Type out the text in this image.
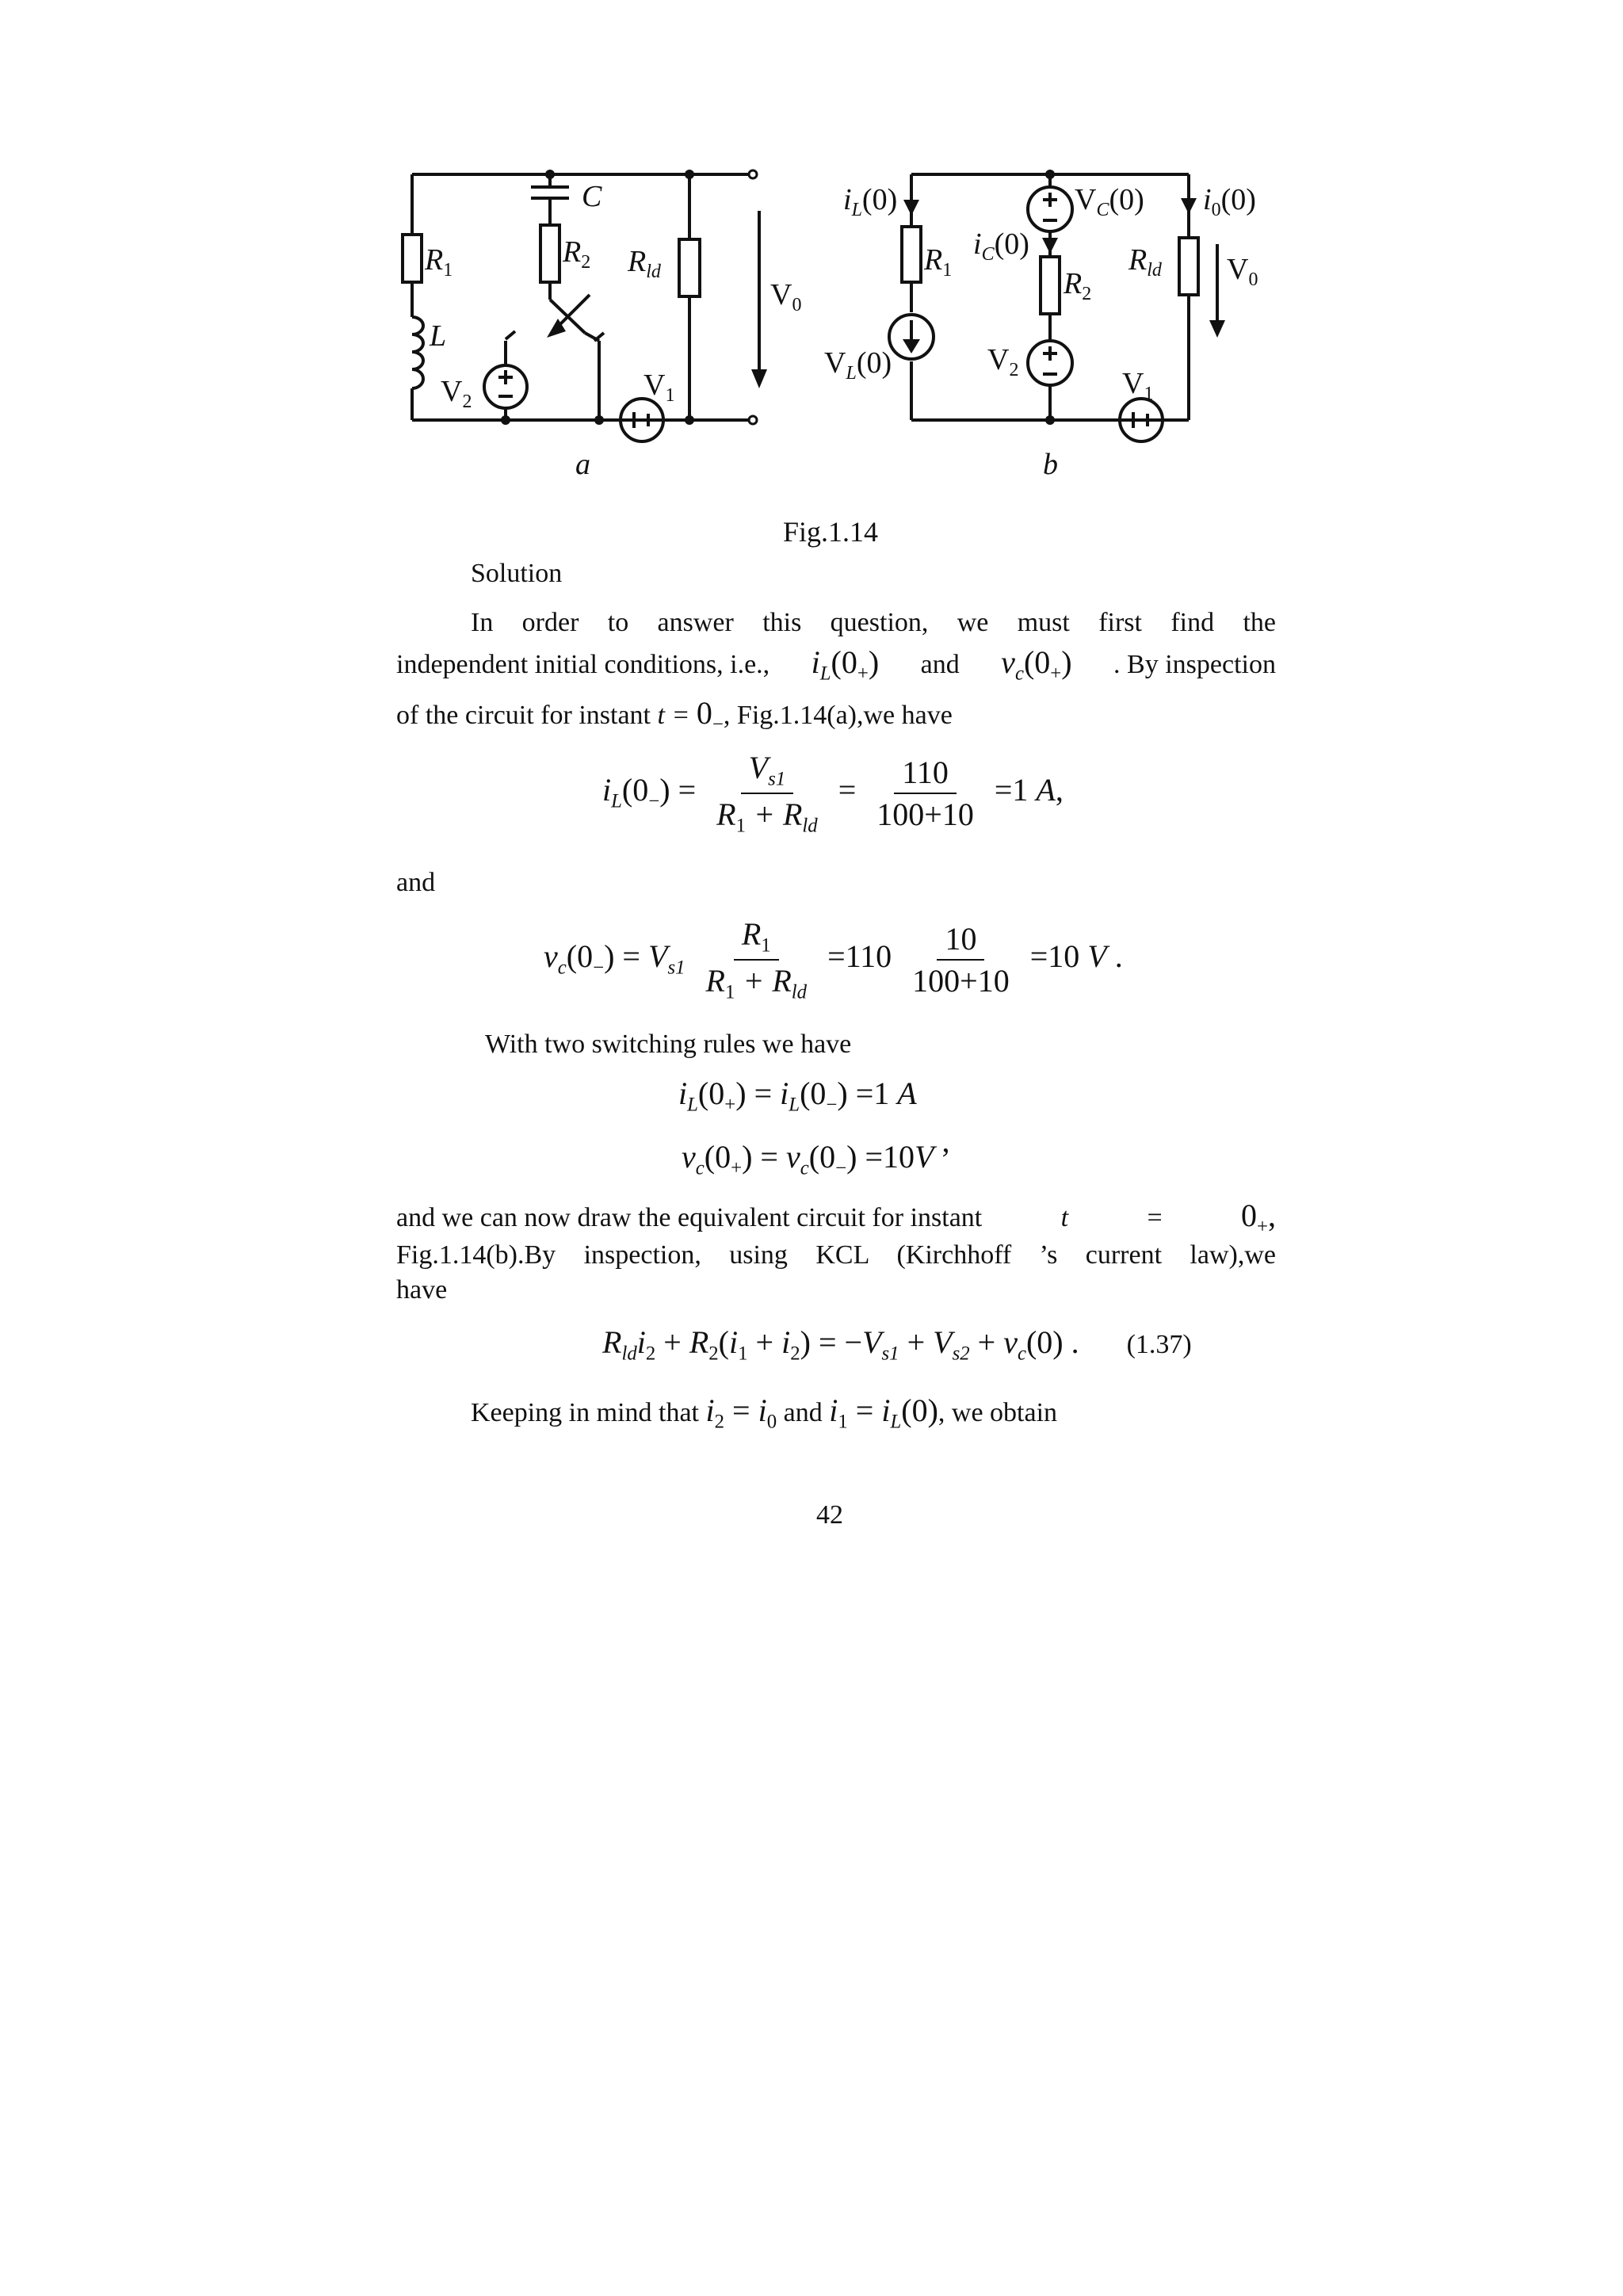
$R_1$
$R_2$ $R_{ld}$
C
L
$V_2$	$V_1$
$V_0$
a
$i_L(0)$	$V_C(0)$ $i_0(0)$
$i_C(0)$
$R_1$	$R_2$
$R_{ld}$ $V_0$
$V_L(0)$	$V_2$	$V_1$
b
Fig.1.14
Solution
In order to answer this question, we must first find the
independent initial conditions, i.e., $i_L(0_+)$ and $v_c(0_+)$ . By inspection
of the circuit for instant $t = 0_-$, Fig.1.14(a),we have
$i_L(0_-) = \frac{V_{s1}}{R_1 + R_{ld}} = \frac{110}{100+10} =1$ A,
and
$v_c(0_-) = V_{s1} \frac{R_1}{R_1 + R_{ld}} =110 \frac{10}{100+10} =10$ V .
With two switching rules we have
$i_L(0_+) = i_L(0_-) =1$ A
$v_c(0_+) = v_c(0_-) =10V$ ,
and we can now draw the equivalent circuit for instant	t	= $0_+$,
Fig.1.14(b).By inspection, using KCL (Kirchhoff ’s current law),we
have
$R_{ld}i_2 + R_2(i_1 + i_2) = -V_{s1} + V_{s2} + v_c(0)$ . (1.37)
Keeping in mind that $i_2 = i_0$ and $i_1 = i_L(0)$, we obtain
42
